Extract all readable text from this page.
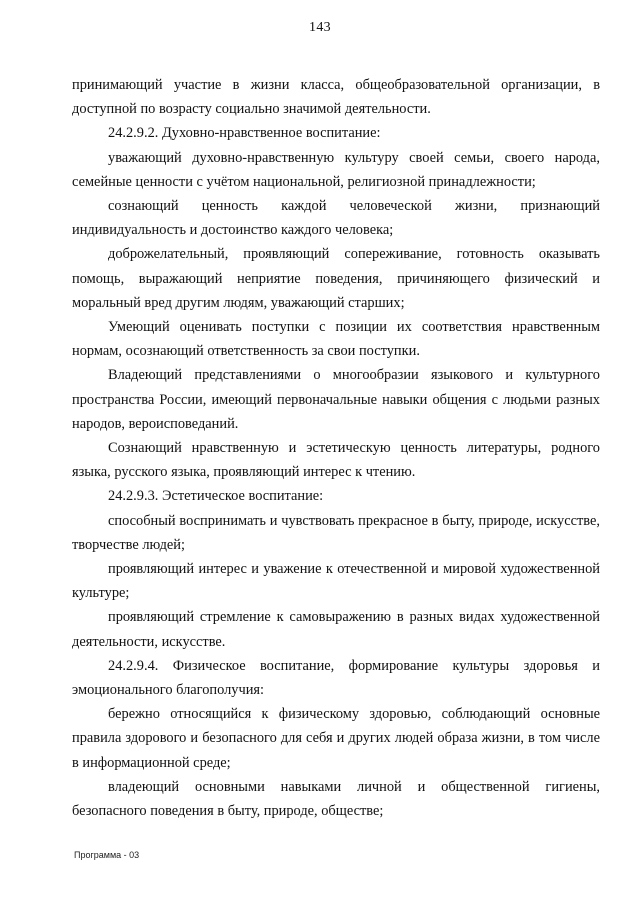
143

принимающий участие в жизни класса, общеобразовательной организации, в доступной по возрасту социально значимой деятельности.

24.2.9.2. Духовно-нравственное воспитание:

уважающий духовно-нравственную культуру своей семьи, своего народа, семейные ценности с учётом национальной, религиозной принадлежности;

сознающий ценность каждой человеческой жизни, признающий индивидуальность и достоинство каждого человека;

доброжелательный, проявляющий сопереживание, готовность оказывать помощь, выражающий неприятие поведения, причиняющего физический и моральный вред другим людям, уважающий старших;

Умеющий оценивать поступки с позиции их соответствия нравственным нормам, осознающий ответственность за свои поступки.

Владеющий представлениями о многообразии языкового и культурного пространства России, имеющий первоначальные навыки общения с людьми разных народов, вероисповеданий.

Сознающий нравственную и эстетическую ценность литературы, родного языка, русского языка, проявляющий интерес к чтению.

24.2.9.3. Эстетическое воспитание:

способный воспринимать и чувствовать прекрасное в быту, природе, искусстве, творчестве людей;

проявляющий интерес и уважение к отечественной и мировой художественной культуре;

проявляющий стремление к самовыражению в разных видах художественной деятельности, искусстве.

24.2.9.4. Физическое воспитание, формирование культуры здоровья и эмоционального благополучия:

бережно относящийся к физическому здоровью, соблюдающий основные правила здорового и безопасного для себя и других людей образа жизни, в том числе в информационной среде;

владеющий основными навыками личной и общественной гигиены, безопасного поведения в быту, природе, обществе;

Программа - 03
